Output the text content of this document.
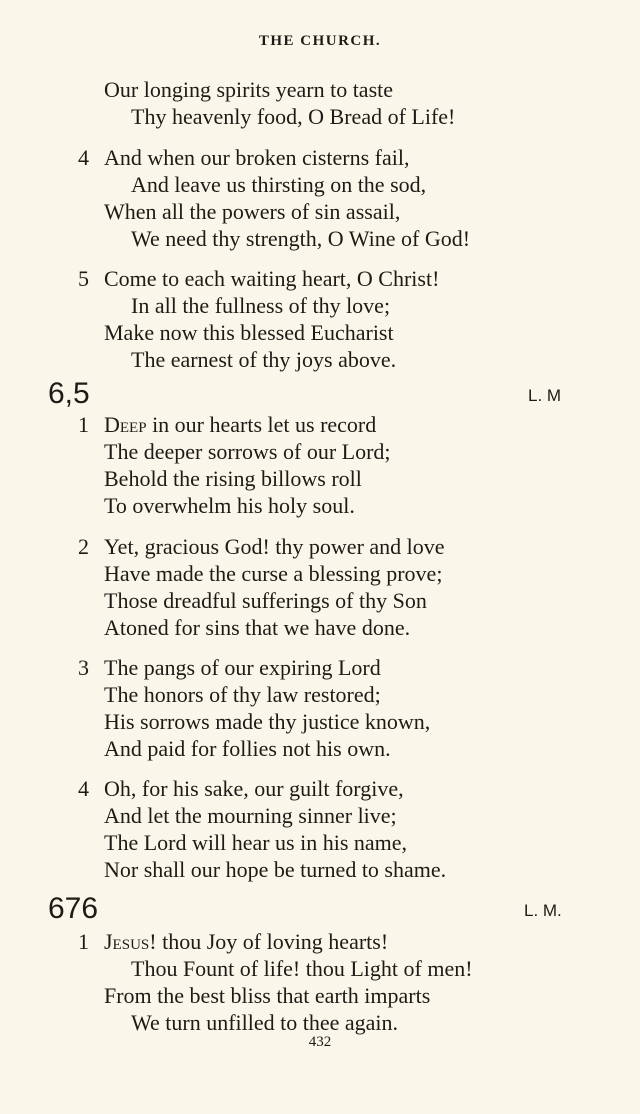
THE CHURCH.
Our longing spirits yearn to taste
Thy heavenly food, O Bread of Life!
4 And when our broken cisterns fail,
And leave us thirsting on the sod,
When all the powers of sin assail,
We need thy strength, O Wine of God!
5 Come to each waiting heart, O Christ!
In all the fullness of thy love;
Make now this blessed Eucharist
The earnest of thy joys above.
6,5	L. M
1 Deep in our hearts let us record
The deeper sorrows of our Lord;
Behold the rising billows roll
To overwhelm his holy soul.
2 Yet, gracious God! thy power and love
Have made the curse a blessing prove;
Those dreadful sufferings of thy Son
Atoned for sins that we have done.
3 The pangs of our expiring Lord
The honors of thy law restored;
His sorrows made thy justice known,
And paid for follies not his own.
4 Oh, for his sake, our guilt forgive,
And let the mourning sinner live;
The Lord will hear us in his name,
Nor shall our hope be turned to shame.
676	L. M.
1 Jesus! thou Joy of loving hearts!
Thou Fount of life! thou Light of men!
From the best bliss that earth imparts
We turn unfilled to thee again.
432
